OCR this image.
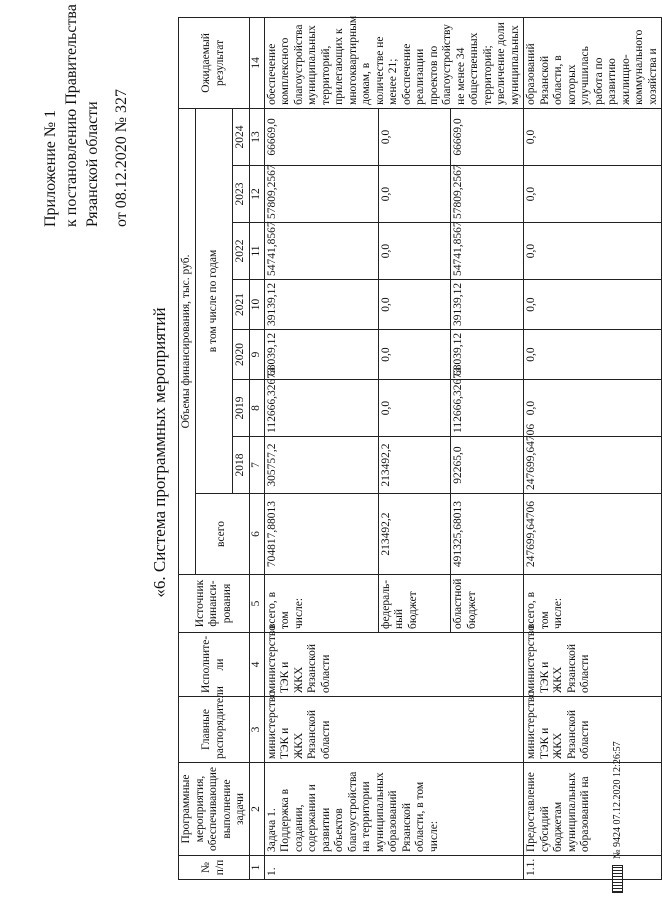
Приложение № 1 к постановлению Правительства Рязанской области от 08.12.2020 № 327
«6. Система программных мероприятий
№ п/п	Программные мероприятия, обеспечивающие выполнение задачи	Главные распорядители	Исполните-ли	Источник финанси-рования	Объемы финансирования, тыс. руб.								Ожидаемый результат
					всего	в том числе по годам							
						2018	2019	2020	2021	2022	2023	2024	
1	2	3	4	5	6	7	8	9	10	11	12	13	14
1.	Задача 1. Поддержка в создании, содержании и развитии объектов благоустройства на территории муниципальных образований Рязанской области, в том числе:	министерство ТЭК и ЖКХ Рязанской области	министерство ТЭК и ЖКХ Рязанской области	всего, в том числе:	704817,88013	305757,2	112666,32673	68039,12	39139,12	54741,8567	57809,2567	66669,0	обеспечение комплексного благоустройства муниципальных территорий, прилегающих к многоквартирным домам, в количестве не менее 21; обеспечение реализации проектов по благоустройству не менее 34 общественных территорий; увеличение доли муниципальных
				федераль-ный бюджет	213492,2	213492,2	0,0	0,0	0,0	0,0	0,0	0,0	
				областной бюджет	491325,68013	92265,0	112666,32673	68039,12	39139,12	54741,8567	57809,2567	66669,0	
1.1.	Предоставление субсидий бюджетам муниципальных образований на	министерство ТЭК и ЖКХ Рязанской области	министерство ТЭК и ЖКХ Рязанской области	всего, в том числе:	247699,64706	247699,64706	0,0	0,0	0,0	0,0	0,0	0,0	образований Рязанской области, в которых улучшилась работа по развитию жилищно-коммунального хозяйства и
№ 9424 07.12.2020 12:26:57
